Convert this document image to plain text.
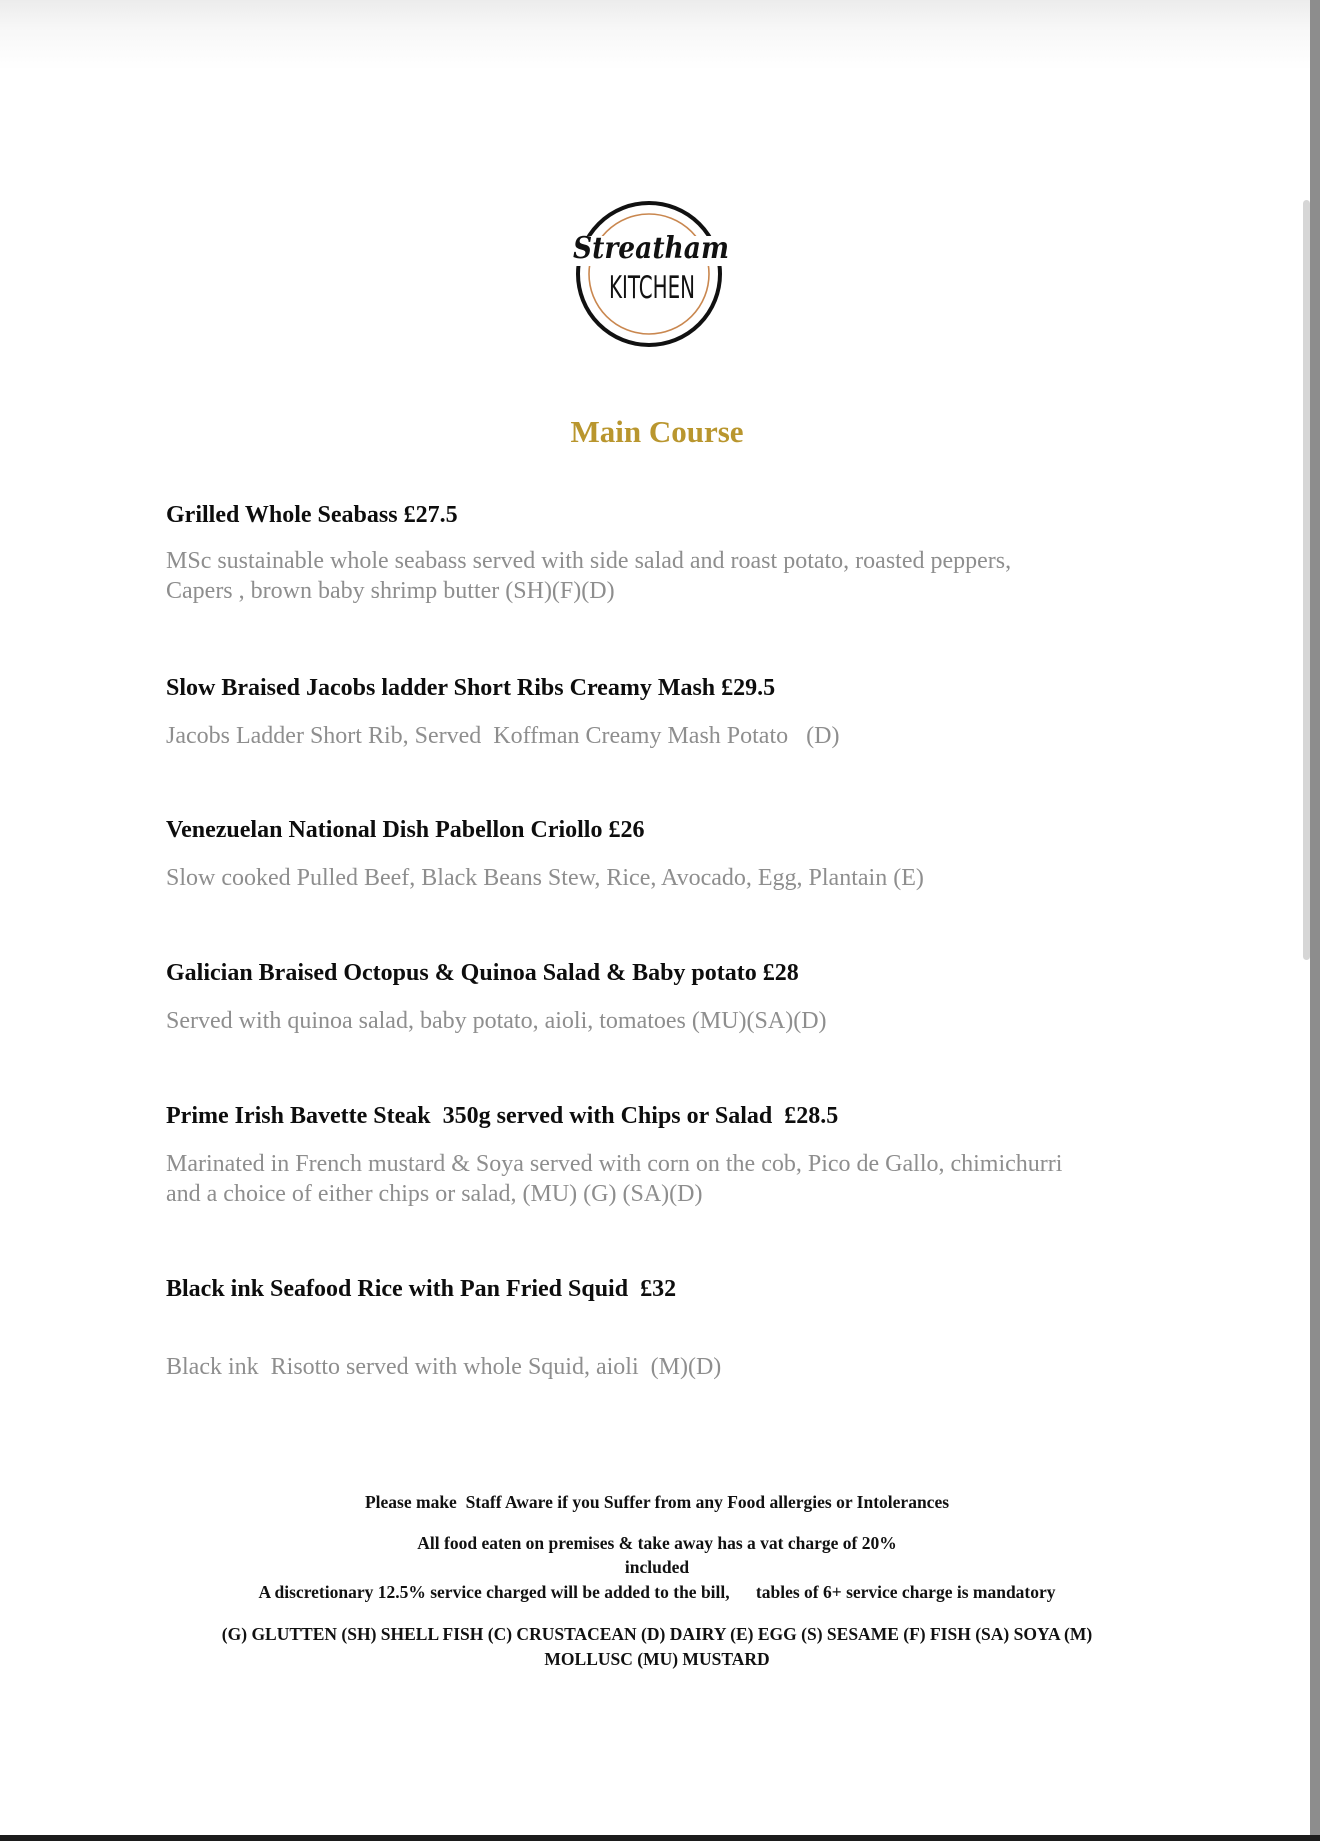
Streatham
KITCHEN
Main Course
Grilled Whole Seabass £27.5
MSc sustainable whole seabass served with side salad and roast potato, roasted peppers,
Capers , brown baby shrimp butter (SH)(F)(D)
Slow Braised Jacobs ladder Short Ribs Creamy Mash £29.5
Jacobs Ladder Short Rib, Served  Koffman Creamy Mash Potato   (D)
Venezuelan National Dish Pabellon Criollo £26
Slow cooked Pulled Beef, Black Beans Stew, Rice, Avocado, Egg, Plantain (E)
Galician Braised Octopus & Quinoa Salad & Baby potato £28
Served with quinoa salad, baby potato, aioli, tomatoes (MU)(SA)(D)
Prime Irish Bavette Steak  350g served with Chips or Salad  £28.5
Marinated in French mustard & Soya served with corn on the cob, Pico de Gallo, chimichurri
and a choice of either chips or salad, (MU) (G) (SA)(D)
Black ink Seafood Rice with Pan Fried Squid  £32
Black ink  Risotto served with whole Squid, aioli  (M)(D)
Please make  Staff Aware if you Suffer from any Food allergies or Intolerances
All food eaten on premises & take away has a vat charge of 20%
included
A discretionary 12.5% service charged will be added to the bill,      tables of 6+ service charge is mandatory
(G) GLUTTEN (SH) SHELL FISH (C) CRUSTACEAN (D) DAIRY (E) EGG (S) SESAME (F) FISH (SA) SOYA (M)
MOLLUSC (MU) MUSTARD
